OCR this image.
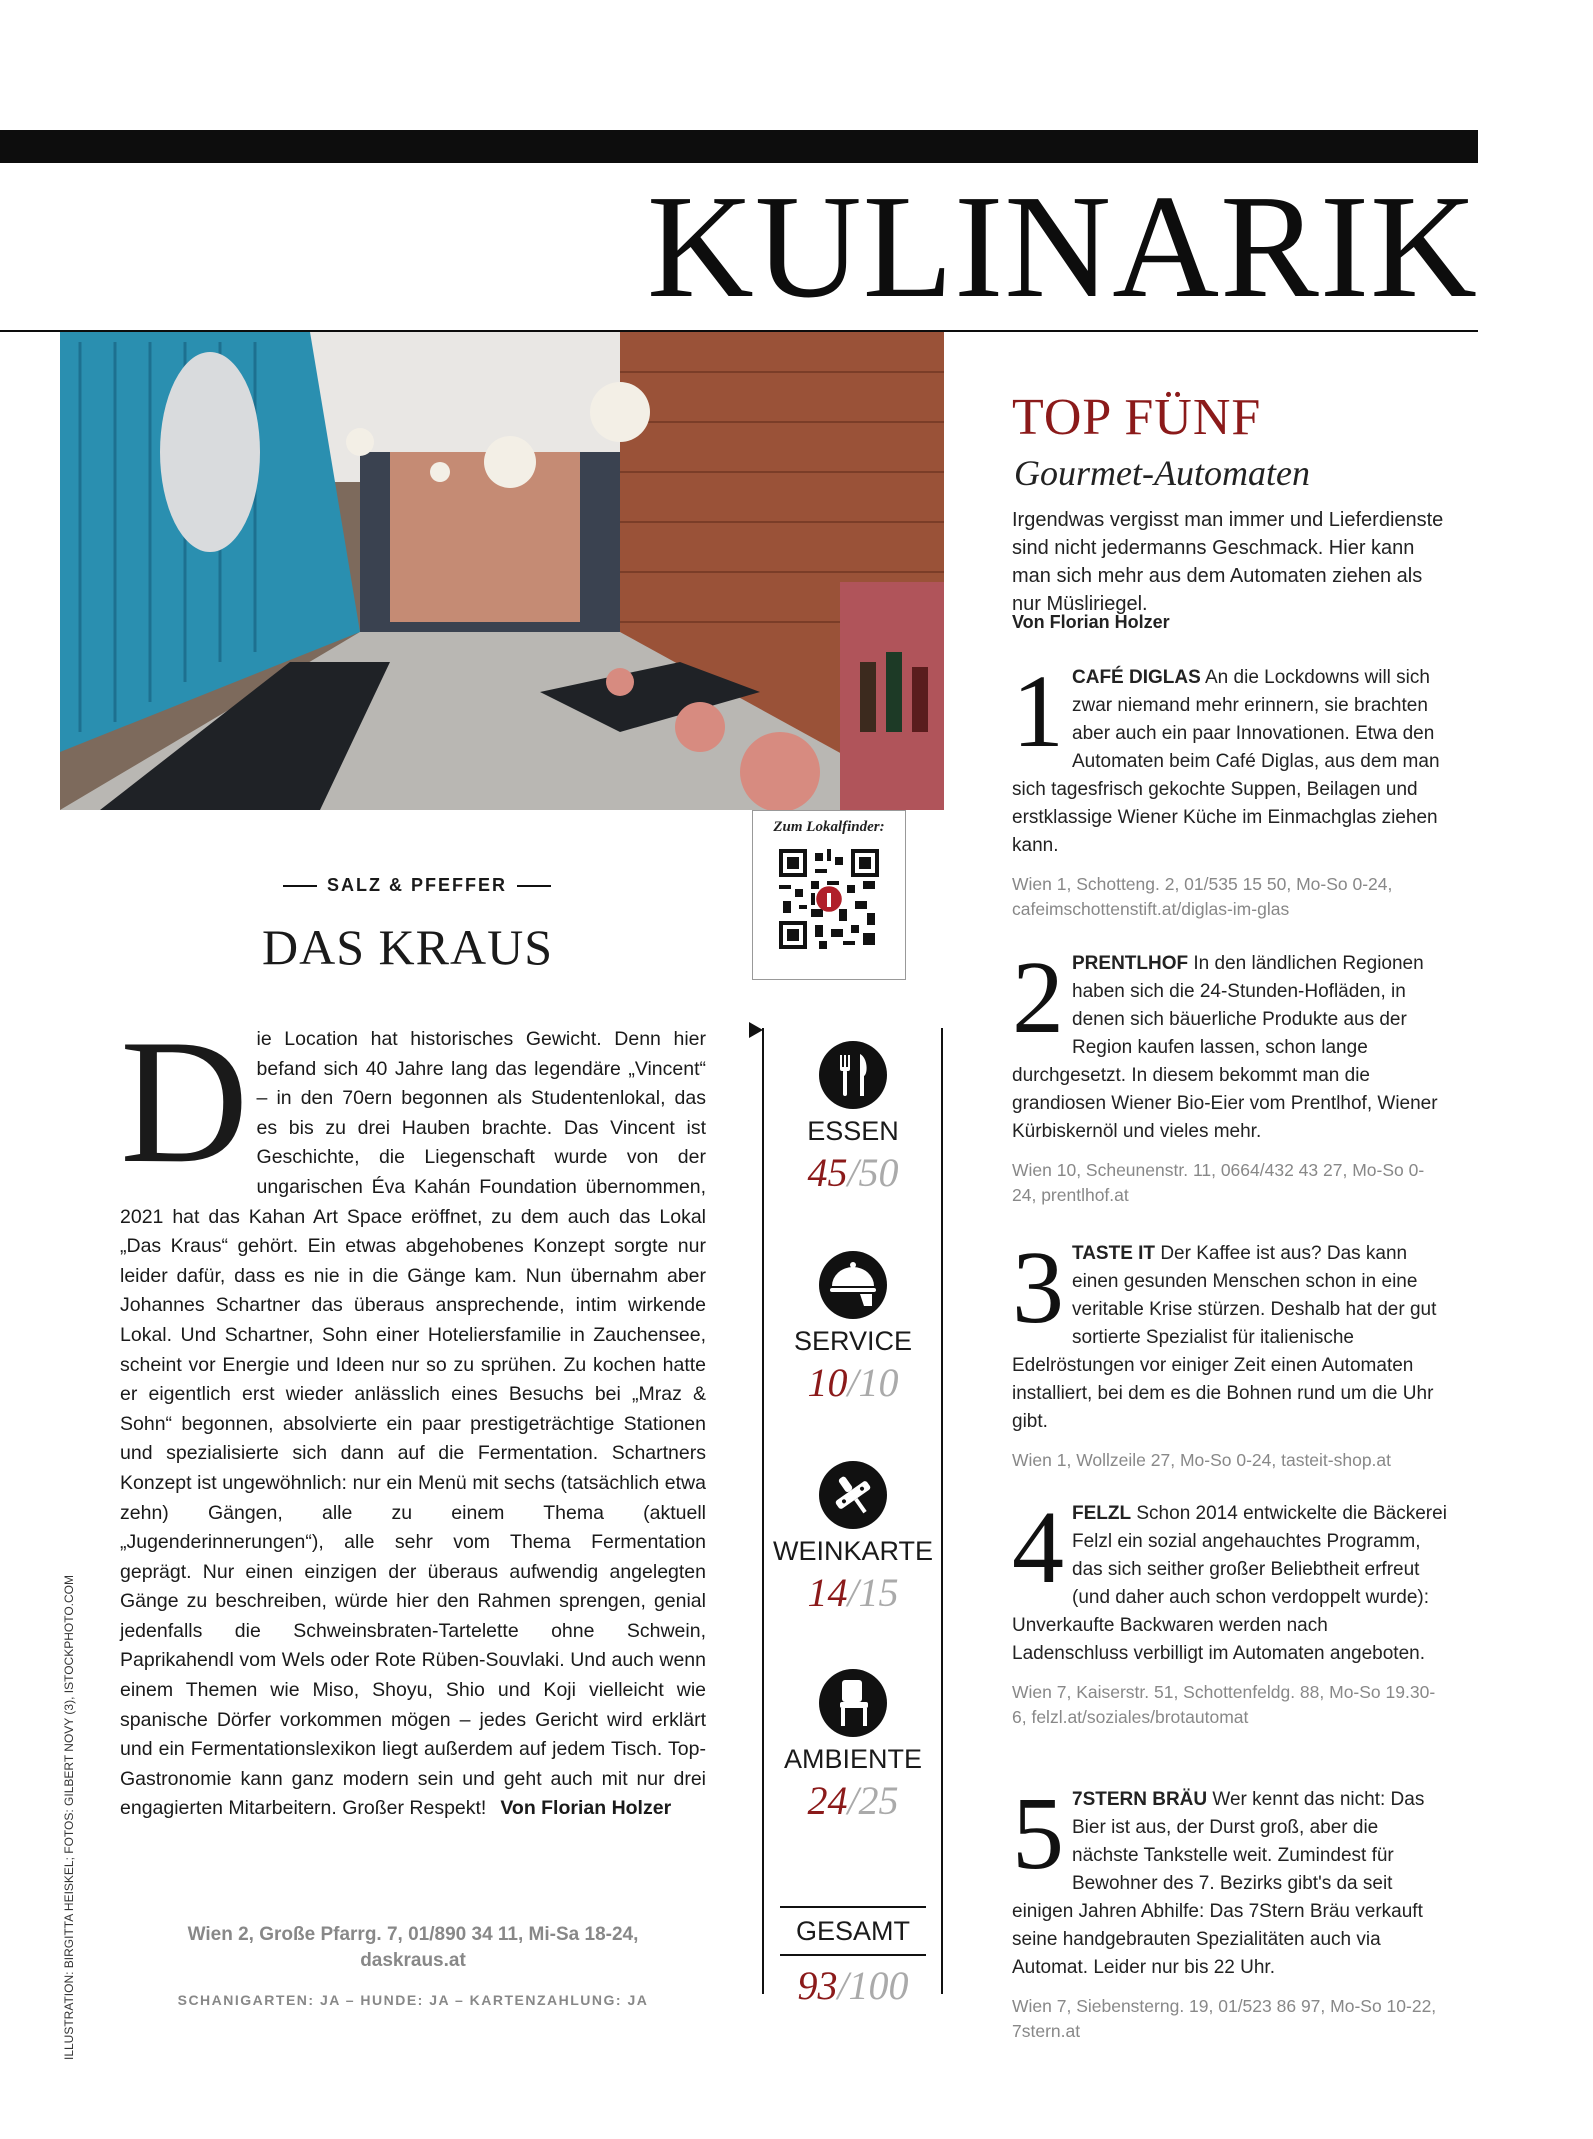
KULINARIK
Zum Lokalfinder:
SALZ & PFEFFER
DAS KRAUS
Die Location hat historisches Gewicht. Denn hier befand sich 40 Jahre lang das legendäre „Vincent“ – in den 70ern begonnen als Studentenlokal, das es bis zu drei Hauben brachte. Das Vincent ist Geschichte, die Liegenschaft wurde von der ungarischen Éva Kahán Foundation übernommen, 2021 hat das Kahan Art Space eröffnet, zu dem auch das Lokal „Das Kraus“ gehört. Ein etwas abgehobenes Konzept sorgte nur leider dafür, dass es nie in die Gänge kam. Nun übernahm aber Johannes Schartner das überaus ansprechende, intim wirkende Lokal. Und Schartner, Sohn einer Hoteliersfamilie in Zauchensee, scheint vor Energie und Ideen nur so zu sprühen. Zu kochen hatte er eigentlich erst wieder anlässlich eines Besuchs bei „Mraz & Sohn“ begonnen, absolvierte ein paar prestigeträchtige Stationen und spezialisierte sich dann auf die Fermentation. Schartners Konzept ist ungewöhnlich: nur ein Menü mit sechs (tatsächlich etwa zehn) Gängen, alle zu einem Thema (aktuell „Jugenderinnerungen“), alle sehr vom Thema Fermentation geprägt. Nur einen einzigen der überaus aufwendig angelegten Gänge zu beschreiben, würde hier den Rahmen sprengen, genial jedenfalls die Schweinsbraten-Tartelette ohne Schwein, Paprikahendl vom Wels oder Rote Rüben-Souvlaki. Und auch wenn einem Themen wie Miso, Shoyu, Shio und Koji vielleicht wie spanische Dörfer vorkommen mögen – jedes Gericht wird erklärt und ein Fermentationslexikon liegt außerdem auf jedem Tisch. Top-Gastronomie kann ganz modern sein und geht auch mit nur drei engagierten Mitarbeitern. Großer Respekt! Von Florian Holzer
Wien 2, Große Pfarrg. 7, 01/890 34 11, Mi-Sa 18-24,
daskraus.at
SCHANIGARTEN: JA – HUNDE: JA – KARTENZAHLUNG: JA
ILLUSTRATION: BIRGITTA HEISKEL; FOTOS: GILBERT NOVY (3), ISTOCKPHOTO.COM
ESSEN
45/50
SERVICE
10/10
WEINKARTE
14/15
AMBIENTE
24/25
GESAMT
93/100
TOP FÜNF
Gourmet-Automaten
Irgendwas vergisst man immer und Lieferdienste sind nicht jedermanns Geschmack. Hier kann man sich mehr aus dem Automaten ziehen als nur Müsliriegel.
Von Florian Holzer
1 CAFÉ DIGLAS An die Lockdowns will sich zwar niemand mehr erinnern, sie brachten aber auch ein paar Innovationen. Etwa den Automaten beim Café Diglas, aus dem man sich tagesfrisch gekochte Suppen, Beilagen und erstklassige Wiener Küche im Einmachglas ziehen kann.
Wien 1, Schotteng. 2, 01/535 15 50, Mo-So 0-24, cafeimschottenstift.at/diglas-im-glas
2 PRENTLHOF In den ländlichen Regionen haben sich die 24-Stunden-Hofläden, in denen sich bäuerliche Produkte aus der Region kaufen lassen, schon lange durchgesetzt. In diesem bekommt man die grandiosen Wiener Bio-Eier vom Prentlhof, Wiener Kürbiskernöl und vieles mehr.
Wien 10, Scheunenstr. 11, 0664/432 43 27, Mo-So 0-24, prentlhof.at
3 TASTE IT Der Kaffee ist aus? Das kann einen gesunden Menschen schon in eine veritable Krise stürzen. Deshalb hat der gut sortierte Spezialist für italienische Edelröstungen vor einiger Zeit einen Automaten installiert, bei dem es die Bohnen rund um die Uhr gibt.
Wien 1, Wollzeile 27, Mo-So 0-24, tasteit-shop.at
4 FELZL Schon 2014 entwickelte die Bäckerei Felzl ein sozial angehauchtes Programm, das sich seither großer Beliebtheit erfreut (und daher auch schon verdoppelt wurde): Unverkaufte Backwaren werden nach Ladenschluss verbilligt im Automaten angeboten.
Wien 7, Kaiserstr. 51, Schottenfeldg. 88, Mo-So 19.30-6, felzl.at/soziales/brotautomat
5 7STERN BRÄU Wer kennt das nicht: Das Bier ist aus, der Durst groß, aber die nächste Tankstelle weit. Zumindest für Bewohner des 7. Bezirks gibt's da seit einigen Jahren Abhilfe: Das 7Stern Bräu verkauft seine handgebrauten Spezialitäten auch via Automat. Leider nur bis 22 Uhr.
Wien 7, Siebensterng. 19, 01/523 86 97, Mo-So 10-22, 7stern.at
